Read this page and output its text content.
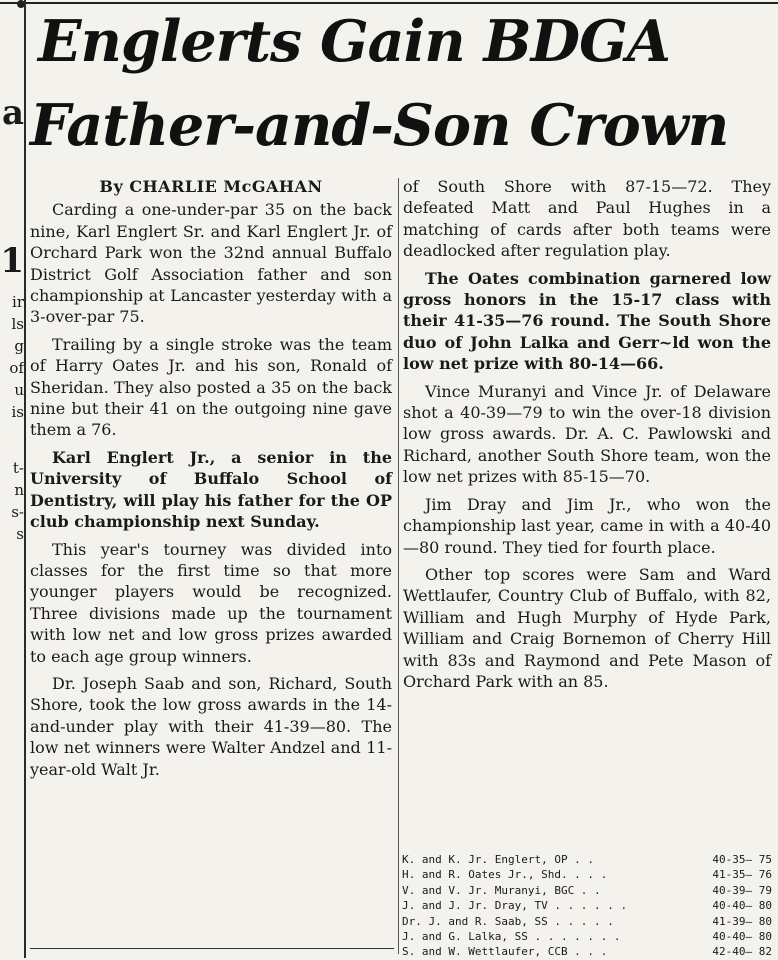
a
1
ir
ls
g
of
u
is
t-
n
s-
s
Englerts Gain BDGA
Father-and-Son Crown

By CHARLIE McGAHAN

Carding a one-under-par 35 on the back nine, Karl Englert Sr. and Karl Englert Jr. of Orchard Park won the 32nd annual Buffalo District Golf Association father and son championship at Lancaster yesterday with a 3-over-par 75.

Trailing by a single stroke was the team of Harry Oates Jr. and his son, Ronald of Sheridan. They also posted a 35 on the back nine but their 41 on the outgoing nine gave them a 76.

Karl Englert Jr., a senior in the University of Buffalo School of Dentistry, will play his father for the OP club championship next Sunday.

This year's tourney was divided into classes for the first time so that more younger players would be recognized. Three divisions made up the tournament with low net and low gross prizes awarded to each age group winners.

Dr. Joseph Saab and son, Richard, South Shore, took the low gross awards in the 14-and-under play with their 41-39—80. The low net winners were Walter Andzel and 11-year-old Walt Jr.

of South Shore with 87-15—72. They defeated Matt and Paul Hughes in a matching of cards after both teams were deadlocked after regulation play.

The Oates combination garnered low gross honors in the 15-17 class with their 41-35—76 round. The South Shore duo of John Lalka and Gerr~ld won the low net prize with 80-14—66.

Vince Muranyi and Vince Jr. of Delaware shot a 40-39—79 to win the over-18 division low gross awards. Dr. A. C. Pawlowski and Richard, another South Shore team, won the low net prizes with 85-15—70.

Jim Dray and Jim Jr., who won the championship last year, came in with a 40-40—80 round. They tied for fourth place.

Other top scores were Sam and Ward Wettlaufer, Country Club of Buffalo, with 82, William and Hugh Murphy of Hyde Park, William and Craig Bornemon of Cherry Hill with 83s and Raymond and Pete Mason of Orchard Park with an 85.

K. and K. Jr. Englert, OP . .	40-35— 75
H. and R. Oates Jr., Shd. . . .	41-35— 76
V. and V. Jr. Muranyi, BGC . .	40-39— 79
J. and J. Jr. Dray, TV . . . . . .	40-40— 80
Dr. J. and R. Saab, SS . . . . .	41-39— 80
J. and G. Lalka, SS . . . . . . .	40-40— 80
S. and W. Wettlaufer, CCB . . .	42-40— 82
